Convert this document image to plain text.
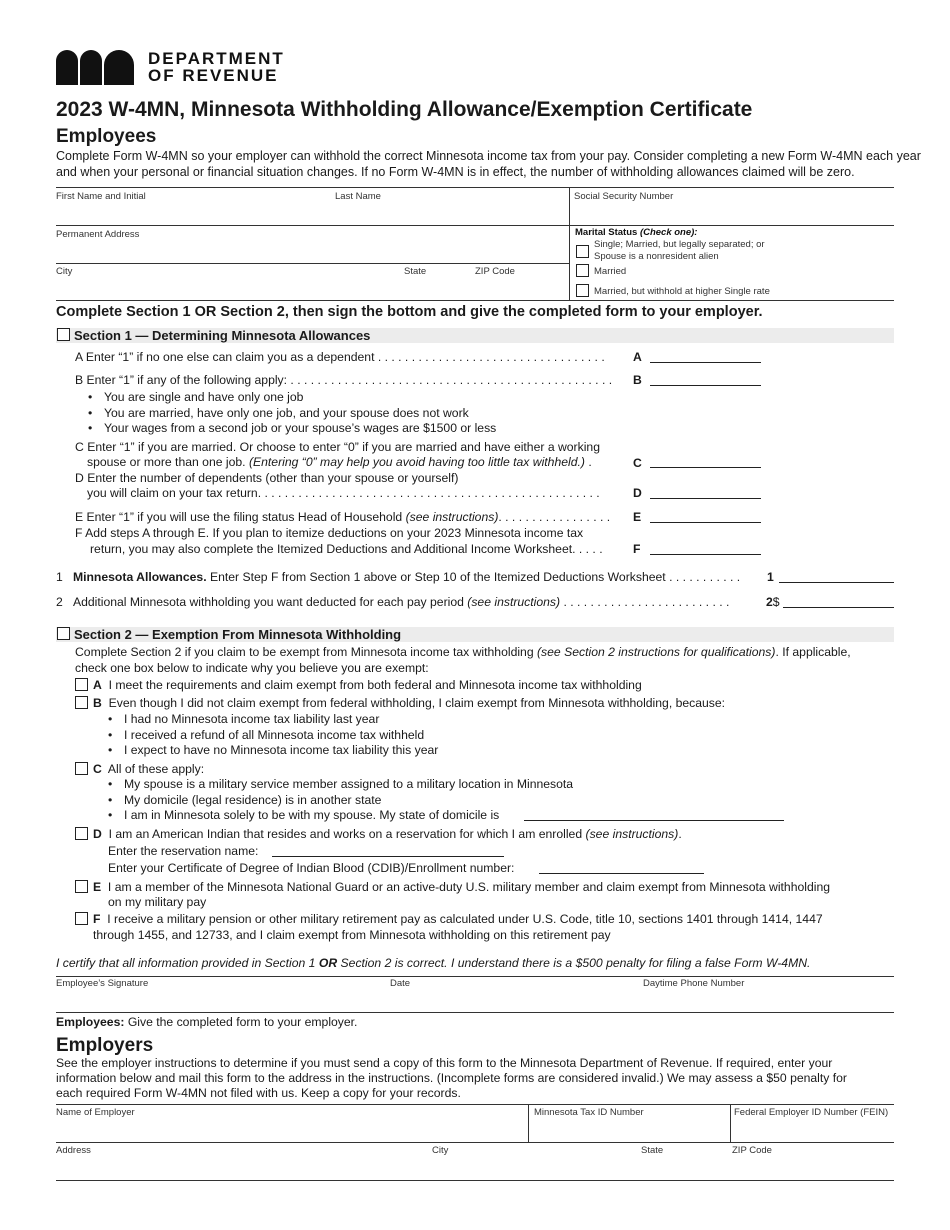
DEPARTMENT
OF REVENUE
2023 W-4MN, Minnesota Withholding Allowance/Exemption Certificate
Employees
Complete Form W-4MN so your employer can withhold the correct Minnesota income tax from your pay. Consider completing a new Form W-4MN each year and when your personal or financial situation changes. If no Form W-4MN is in effect, the number of withholding allowances claimed will be zero.
First Name and Initial	Last Name	Social Security Number
Permanent Address
City	State	ZIP Code
Marital Status (Check one):
Single; Married, but legally separated; or
Spouse is a nonresident alien
Married
Married, but withhold at higher Single rate
Complete Section 1 OR Section 2, then sign the bottom and give the completed form to your employer.
Section 1 — Determining Minnesota Allowances
A Enter “1” if no one else can claim you as a dependent . . . . . . . . . . . . . . . . . . . . . . . . . . . . . . . . . . A
B Enter “1” if any of the following apply: . . . . . . . . . . . . . . . . . . . . . . . . . . . . . . . . . . . . . . . . . . . . . . . . B
• You are single and have only one job
• You are married, have only one job, and your spouse does not work
• Your wages from a second job or your spouse’s wages are $1500 or less
C Enter “1” if you are married. Or choose to enter “0” if you are married and have either a working
spouse or more than one job. (Entering “0” may help you avoid having too little tax withheld.) .	C
D Enter the number of dependents (other than your spouse or yourself)
you will claim on your tax return. . . . . . . . . . . . . . . . . . . . . . . . . . . . . . . . . . . . . . . . . . . . . . . . . . .	D
E Enter “1” if you will use the filing status Head of Household (see instructions). . . . . . . . . . . . . . . . . E
F Add steps A through E. If you plan to itemize deductions on your 2023 Minnesota income tax
return, you may also complete the Itemized Deductions and Additional Income Worksheet. . . . . F
1 Minnesota Allowances. Enter Step F from Section 1 above or Step 10 of the Itemized Deductions Worksheet . . . . . . . . . . . 1
2 Additional Minnesota withholding you want deducted for each pay period (see instructions) . . . . . . . . . . . . . . . . . . . . . . . . .	2$
Section 2 — Exemption From Minnesota Withholding
Complete Section 2 if you claim to be exempt from Minnesota income tax withholding (see Section 2 instructions for qualifications). If applicable,
check one box below to indicate why you believe you are exempt:
A I meet the requirements and claim exempt from both federal and Minnesota income tax withholding
B Even though I did not claim exempt from federal withholding, I claim exempt from Minnesota withholding, because:
• I had no Minnesota income tax liability last year
• I received a refund of all Minnesota income tax withheld
• I expect to have no Minnesota income tax liability this year
C All of these apply:
• My spouse is a military service member assigned to a military location in Minnesota
• My domicile (legal residence) is in another state
• I am in Minnesota solely to be with my spouse. My state of domicile is
D I am an American Indian that resides and works on a reservation for which I am enrolled (see instructions).
Enter the reservation name:
Enter your Certificate of Degree of Indian Blood (CDIB)/Enrollment number:
E I am a member of the Minnesota National Guard or an active-duty U.S. military member and claim exempt from Minnesota withholding
on my military pay
F I receive a military pension or other military retirement pay as calculated under U.S. Code, title 10, sections 1401 through 1414, 1447
through 1455, and 12733, and I claim exempt from Minnesota withholding on this retirement pay
I certify that all information provided in Section 1 OR Section 2 is correct. I understand there is a $500 penalty for filing a false Form W-4MN.
Employee’s Signature	Date	Daytime Phone Number
Employees: Give the completed form to your employer.
Employers
See the employer instructions to determine if you must send a copy of this form to the Minnesota Department of Revenue. If required, enter your
information below and mail this form to the address in the instructions. (Incomplete forms are considered invalid.) We may assess a $50 penalty for
each required Form W-4MN not filed with us. Keep a copy for your records.
Name of Employer	Minnesota Tax ID Number	Federal Employer ID Number (FEIN)
Address	City	State	ZIP Code
